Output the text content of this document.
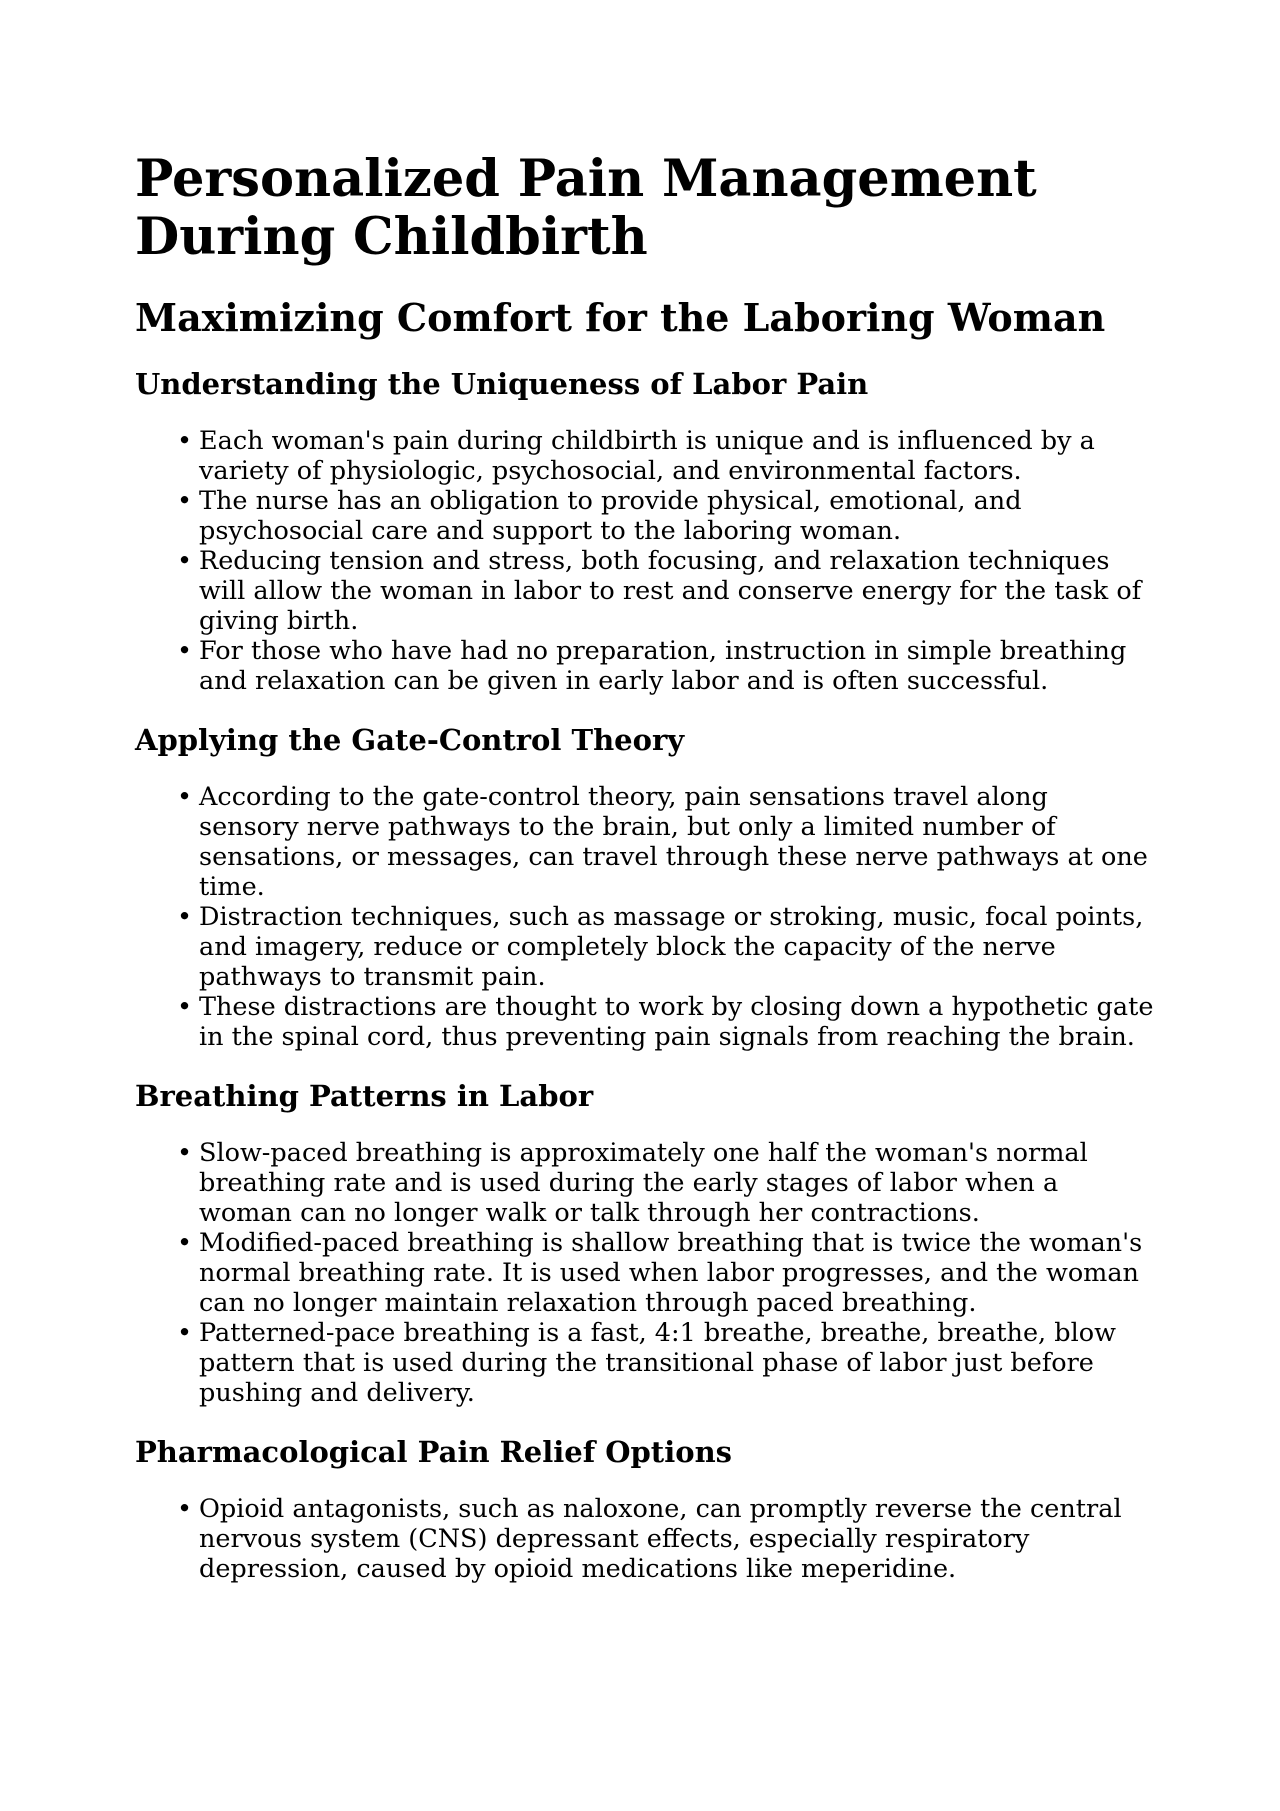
Personalized Pain Management During Childbirth
Maximizing Comfort for the Laboring Woman
Understanding the Uniqueness of Labor Pain
• Each woman's pain during childbirth is unique and is influenced by a variety of physiologic, psychosocial, and environmental factors.
• The nurse has an obligation to provide physical, emotional, and psychosocial care and support to the laboring woman.
• Reducing tension and stress, both focusing, and relaxation techniques will allow the woman in labor to rest and conserve energy for the task of giving birth.
• For those who have had no preparation, instruction in simple breathing and relaxation can be given in early labor and is often successful.
Applying the Gate-Control Theory
• According to the gate-control theory, pain sensations travel along sensory nerve pathways to the brain, but only a limited number of sensations, or messages, can travel through these nerve pathways at one time.
• Distraction techniques, such as massage or stroking, music, focal points, and imagery, reduce or completely block the capacity of the nerve pathways to transmit pain.
• These distractions are thought to work by closing down a hypothetic gate in the spinal cord, thus preventing pain signals from reaching the brain.
Breathing Patterns in Labor
• Slow-paced breathing is approximately one half the woman's normal breathing rate and is used during the early stages of labor when a woman can no longer walk or talk through her contractions.
• Modified-paced breathing is shallow breathing that is twice the woman's normal breathing rate. It is used when labor progresses, and the woman can no longer maintain relaxation through paced breathing.
• Patterned-pace breathing is a fast, 4:1 breathe, breathe, breathe, blow pattern that is used during the transitional phase of labor just before pushing and delivery.
Pharmacological Pain Relief Options
• Opioid antagonists, such as naloxone, can promptly reverse the central nervous system (CNS) depressant effects, especially respiratory depression, caused by opioid medications like meperidine.
